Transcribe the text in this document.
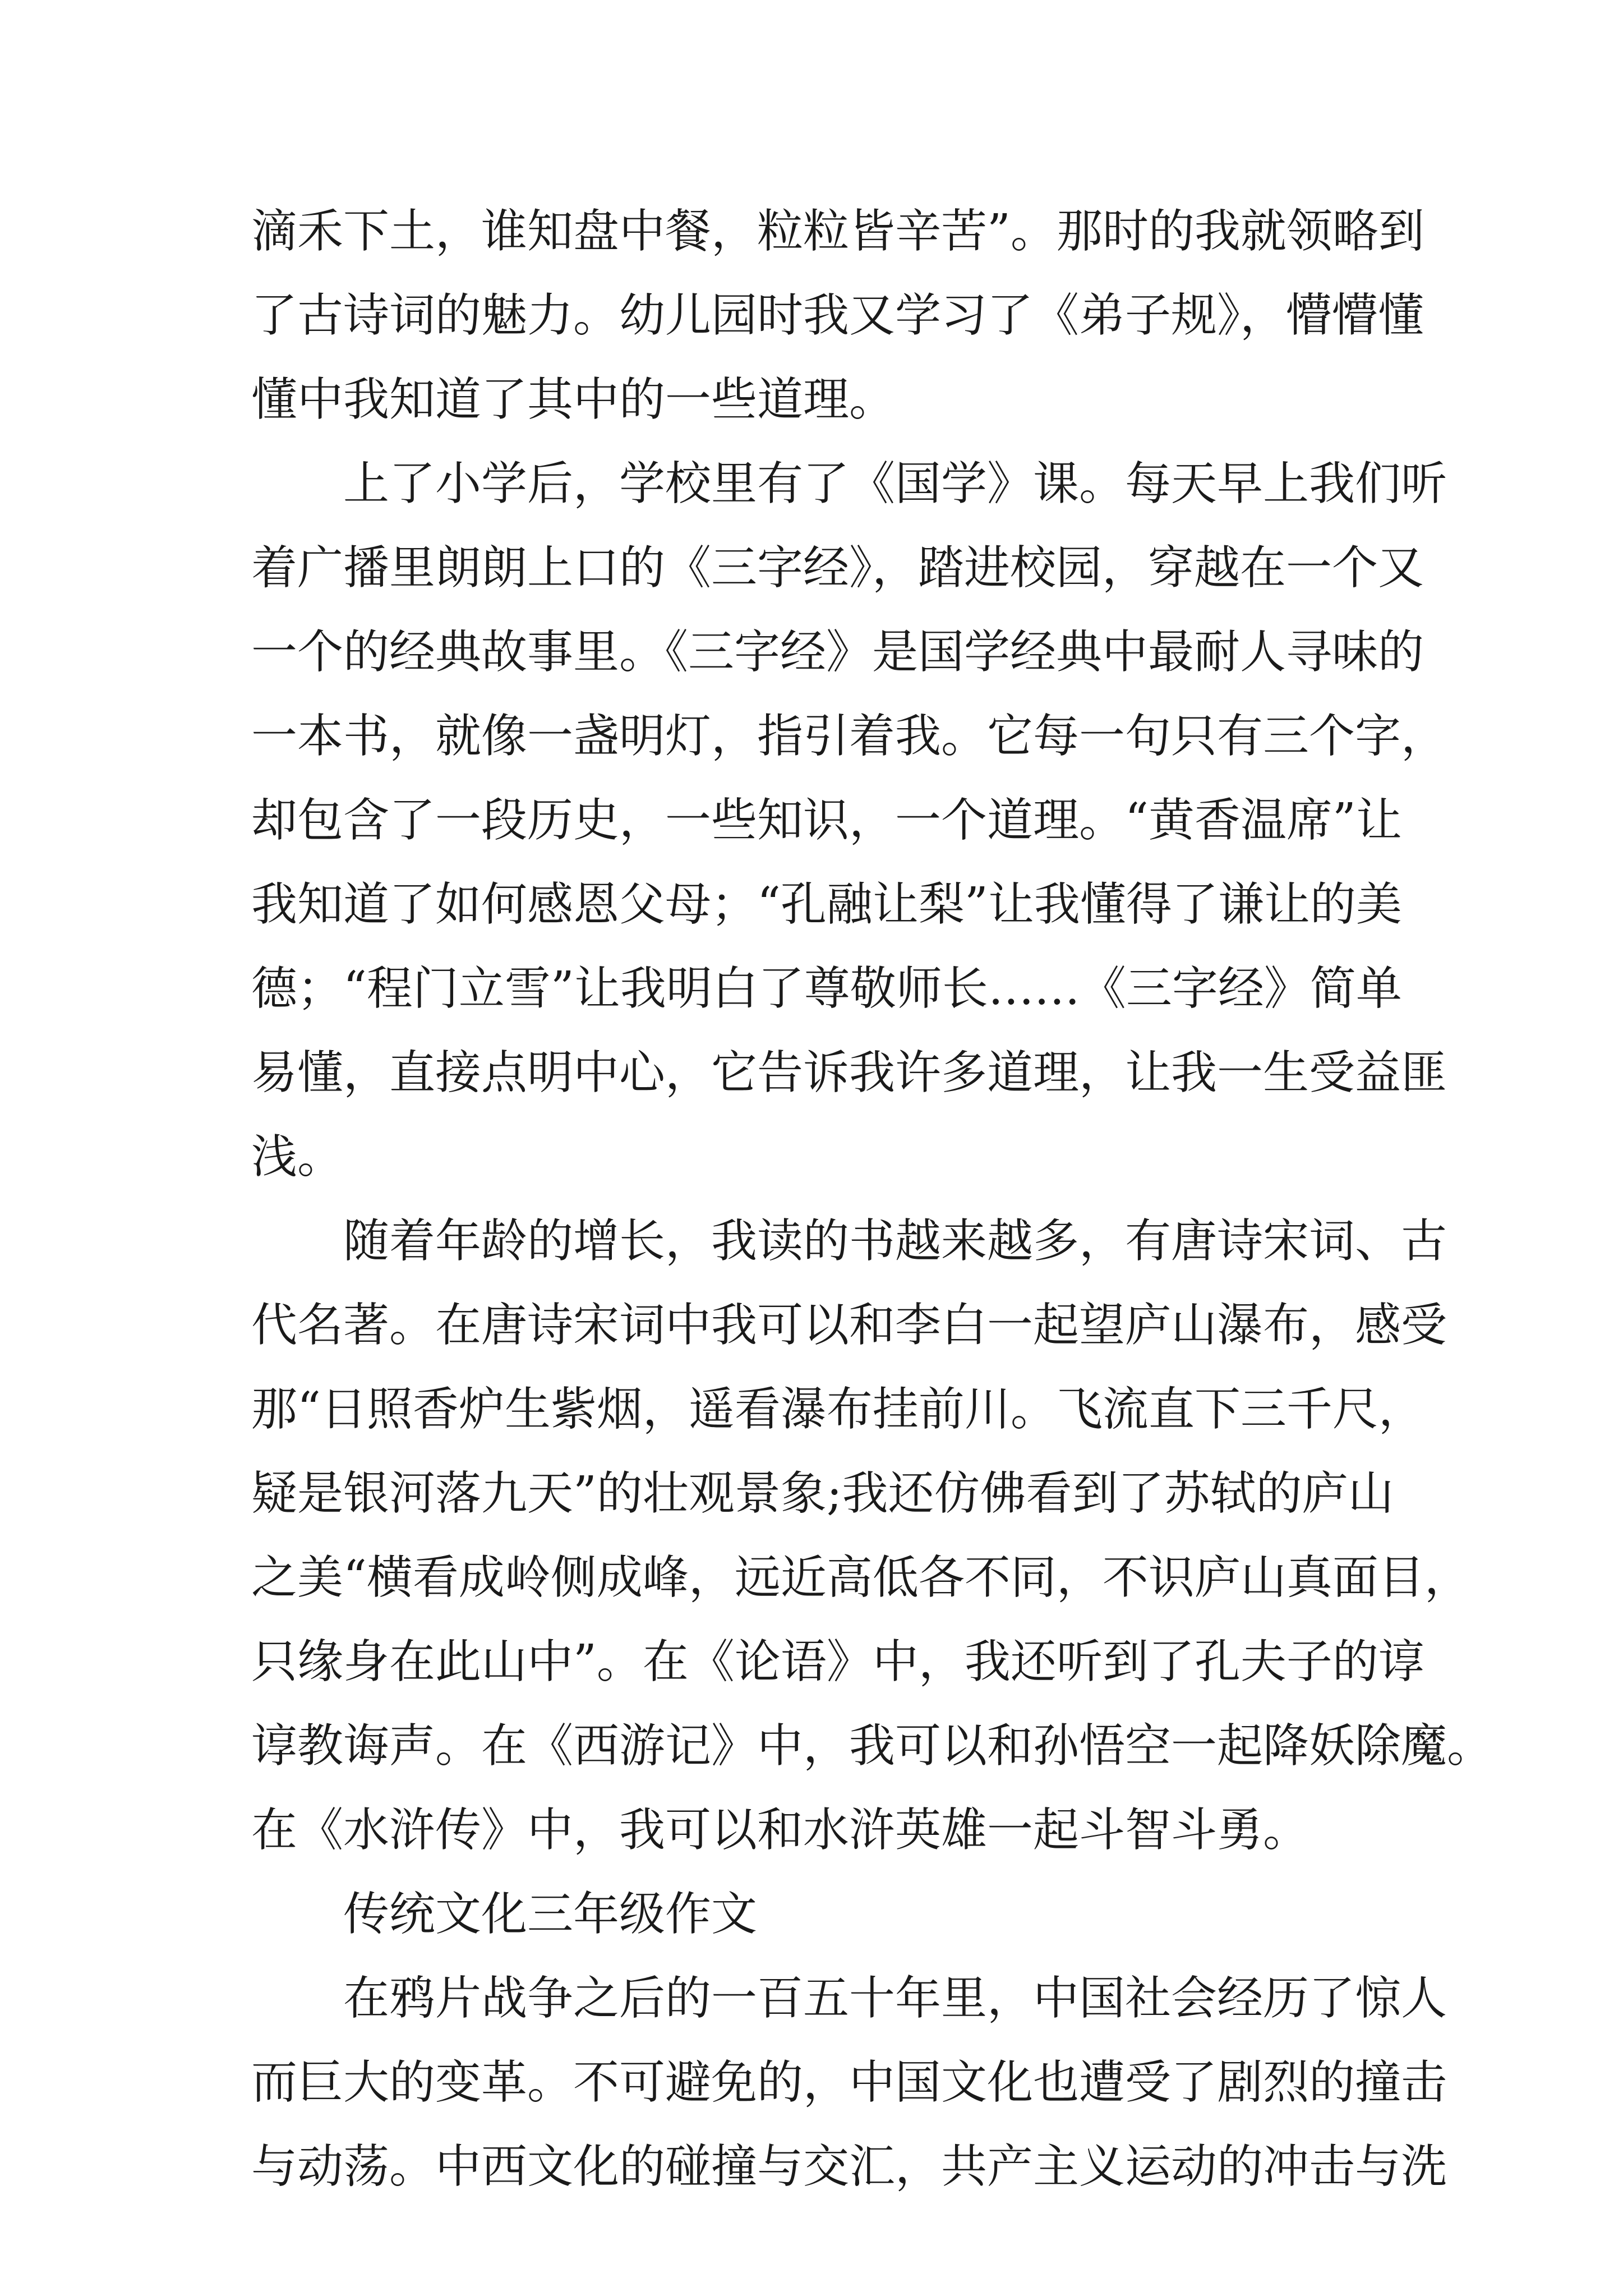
滴禾下土，谁知盘中餐，粒粒皆辛苦”。那时的我就领略到
了古诗词的魅力。幼儿园时我又学习了《弟子规》，懵懵懂
懂中我知道了其中的一些道理。
上了小学后，学校里有了《国学》课。每天早上我们听
着广播里朗朗上口的《三字经》，踏进校园，穿越在一个又
一个的经典故事里。《三字经》是国学经典中最耐人寻味的
一本书，就像一盏明灯，指引着我。它每一句只有三个字，
却包含了一段历史，一些知识，一个道理。“黄香温席”让
我知道了如何感恩父母；“孔融让梨”让我懂得了谦让的美
德；“程门立雪”让我明白了尊敬师长……《三字经》简单
易懂，直接点明中心，它告诉我许多道理，让我一生受益匪
浅。
随着年龄的增长，我读的书越来越多，有唐诗宋词、古
代名著。在唐诗宋词中我可以和李白一起望庐山瀑布，感受
那“日照香炉生紫烟，遥看瀑布挂前川。飞流直下三千尺，
疑是银河落九天”的壮观景象;我还仿佛看到了苏轼的庐山
之美“横看成岭侧成峰，远近高低各不同，不识庐山真面目，
只缘身在此山中”。在《论语》中，我还听到了孔夫子的谆
谆教诲声。在《西游记》中，我可以和孙悟空一起降妖除魔。
在《水浒传》中，我可以和水浒英雄一起斗智斗勇。
传统文化三年级作文
在鸦片战争之后的一百五十年里，中国社会经历了惊人
而巨大的变革。不可避免的，中国文化也遭受了剧烈的撞击
与动荡。中西文化的碰撞与交汇，共产主义运动的冲击与洗
